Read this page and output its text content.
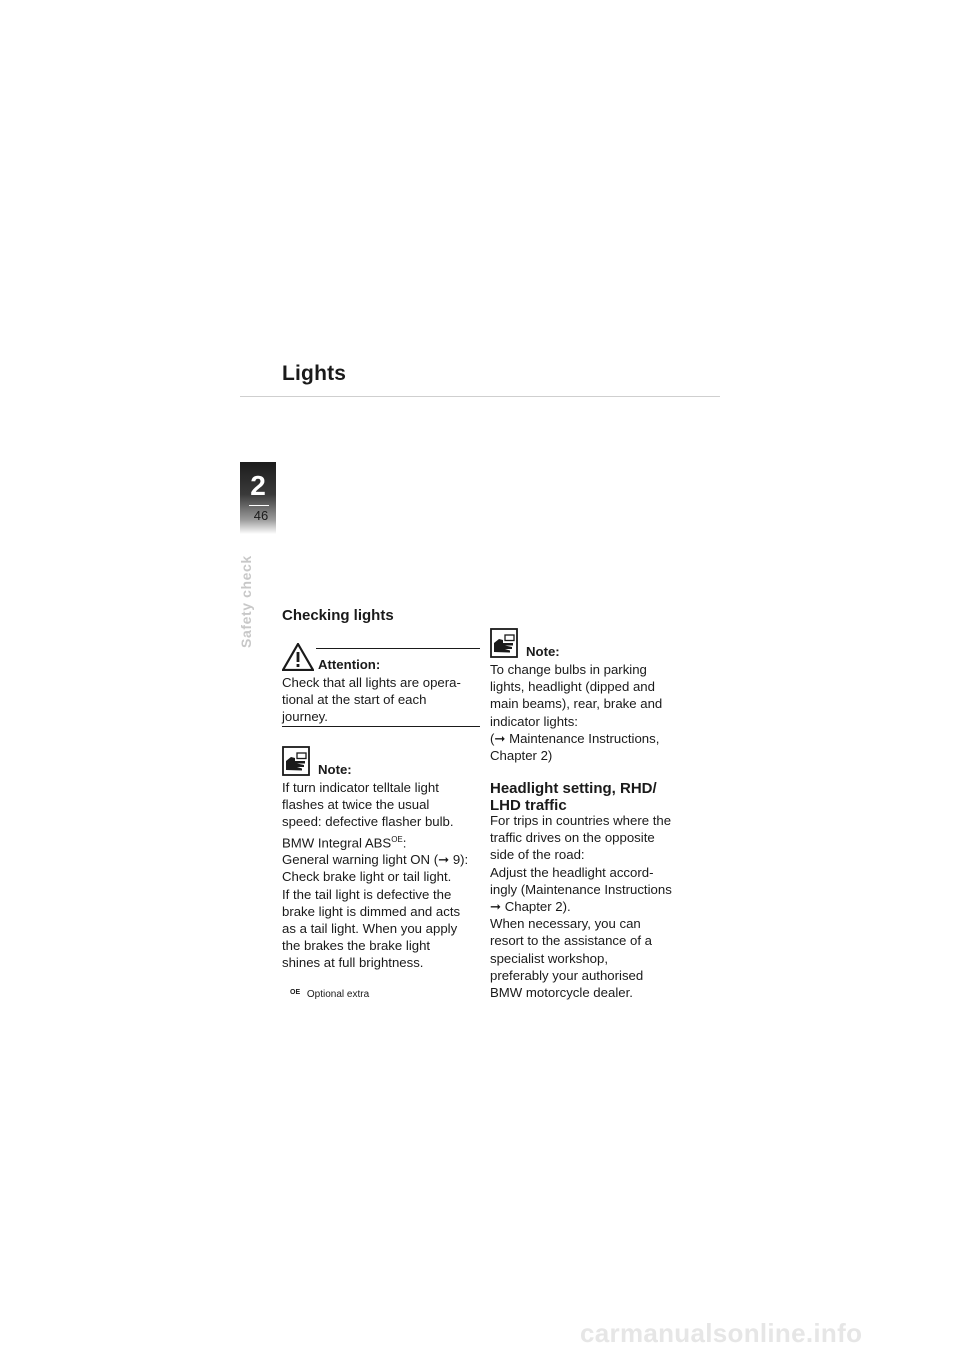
Lights
2
46
Safety check Checking lights
Attention:
Check that all lights are opera-
tional at the start of each
journey.
Note:
If turn indicator telltale light
flashes at twice the usual
speed: defective flasher bulb.
BMW Integral $ABS^{OE}$:
General warning light ON (➞ 9):
Check brake light or tail light.
If the tail light is defective the
brake light is dimmed and acts
as a tail light. When you apply
the brakes the brake light
shines at full brightness.
$^{OE}$ Optional extra
Note:
To change bulbs in parking
lights, headlight (dipped and
main beams), rear, brake and
indicator lights:
(➞ Maintenance Instructions,
Chapter 2)
Headlight setting, RHD/
LHD traffic
For trips in countries where the
traffic drives on the opposite
side of the road:
Adjust the headlight accord-
ingly (Maintenance Instructions
➞ Chapter 2).
When necessary, you can
resort to the assistance of a
specialist workshop,
preferably your authorised
BMW motorcycle dealer.
carmanualsonline.info
